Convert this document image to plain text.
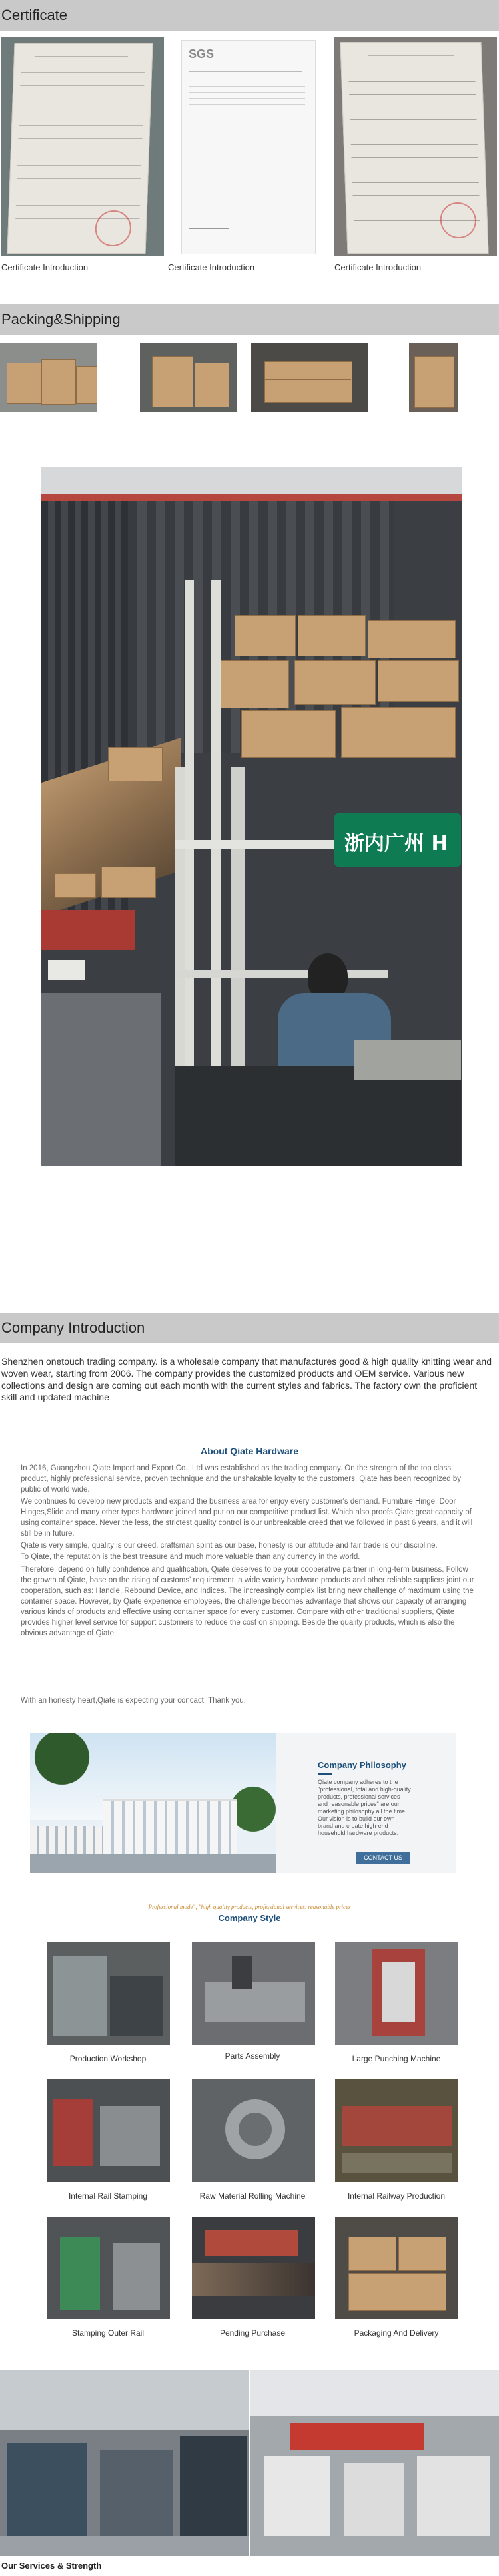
Certificate
Certificate Introduction
SGS
Certificate Introduction	Certificate Introduction
Packing&Shipping
浙内广州 H
Company Introduction
Shenzhen onetouch trading company. is a wholesale company that manufactures good & high quality knitting wear and woven wear, starting from 2006. The company provides the customized products and OEM service. Various new collections and design are coming out each month with the current styles and fabrics. The factory own the proficient skill and updated machine
About Qiate Hardware
In 2016, Guangzhou Qiate Import and Export Co., Ltd was established as the trading company. On the strength of the top class product, highly professional service, proven technique and the unshakable loyalty to the customers, Qiate has been recognized by public of world wide.
We continues to develop new products and expand the business area for enjoy every customer's demand. Furniture Hinge, Door Hinges,Slide and many other types hardware joined and put on our competitive product list. Which also proofs Qiate great capacity of using container space. Never the less, the strictest quality control is our unbreakable creed that we followed in past 6 years, and it will still be in future.
Qiate is very simple, quality is our creed, craftsman spirit as our base, honesty is our attitude and fair trade is our discipline.
To Qiate, the reputation is the best treasure and much more valuable than any currency in the world.
Therefore, depend on fully confidence and qualification, Qiate deserves to be your cooperative partner in long-term business. Follow the growth of Qiate, base on the rising of customs' requirement, a wide variety hardware products and other reliable suppliers joint our cooperation, such as: Handle, Rebound Device, and Indices. The increasingly complex list bring new challenge of maximum using the container space. However, by Qiate experience employees, the challenge becomes advantage that shows our capacity of arranging various kinds of products and effective using container space for every customer. Compare with other traditional suppliers, Qiate provides higher level service for support customers to reduce the cost on shipping. Beside the quality products, which is also the obvious advantage of Qiate.
With an honesty heart,Qiate is expecting your concact. Thank you.
Company Philosophy
Qiate company adheres to the "professional, total and high-quality products, professional services and reasonable prices" are our marketing philosophy all the time. Our vision is to build our own brand and create high-end household hardware products.
CONTACT US
Professional mode", "high quality products, professional services, reasonable prices
Company Style
Production Workshop	Parts Assembly	Large Punching Machine
Internal Rail Stamping	Raw Material Rolling Machine	Internal Railway Production
Stamping Outer Rail	Pending Purchase	Packaging And Delivery
Our Services & Strength
